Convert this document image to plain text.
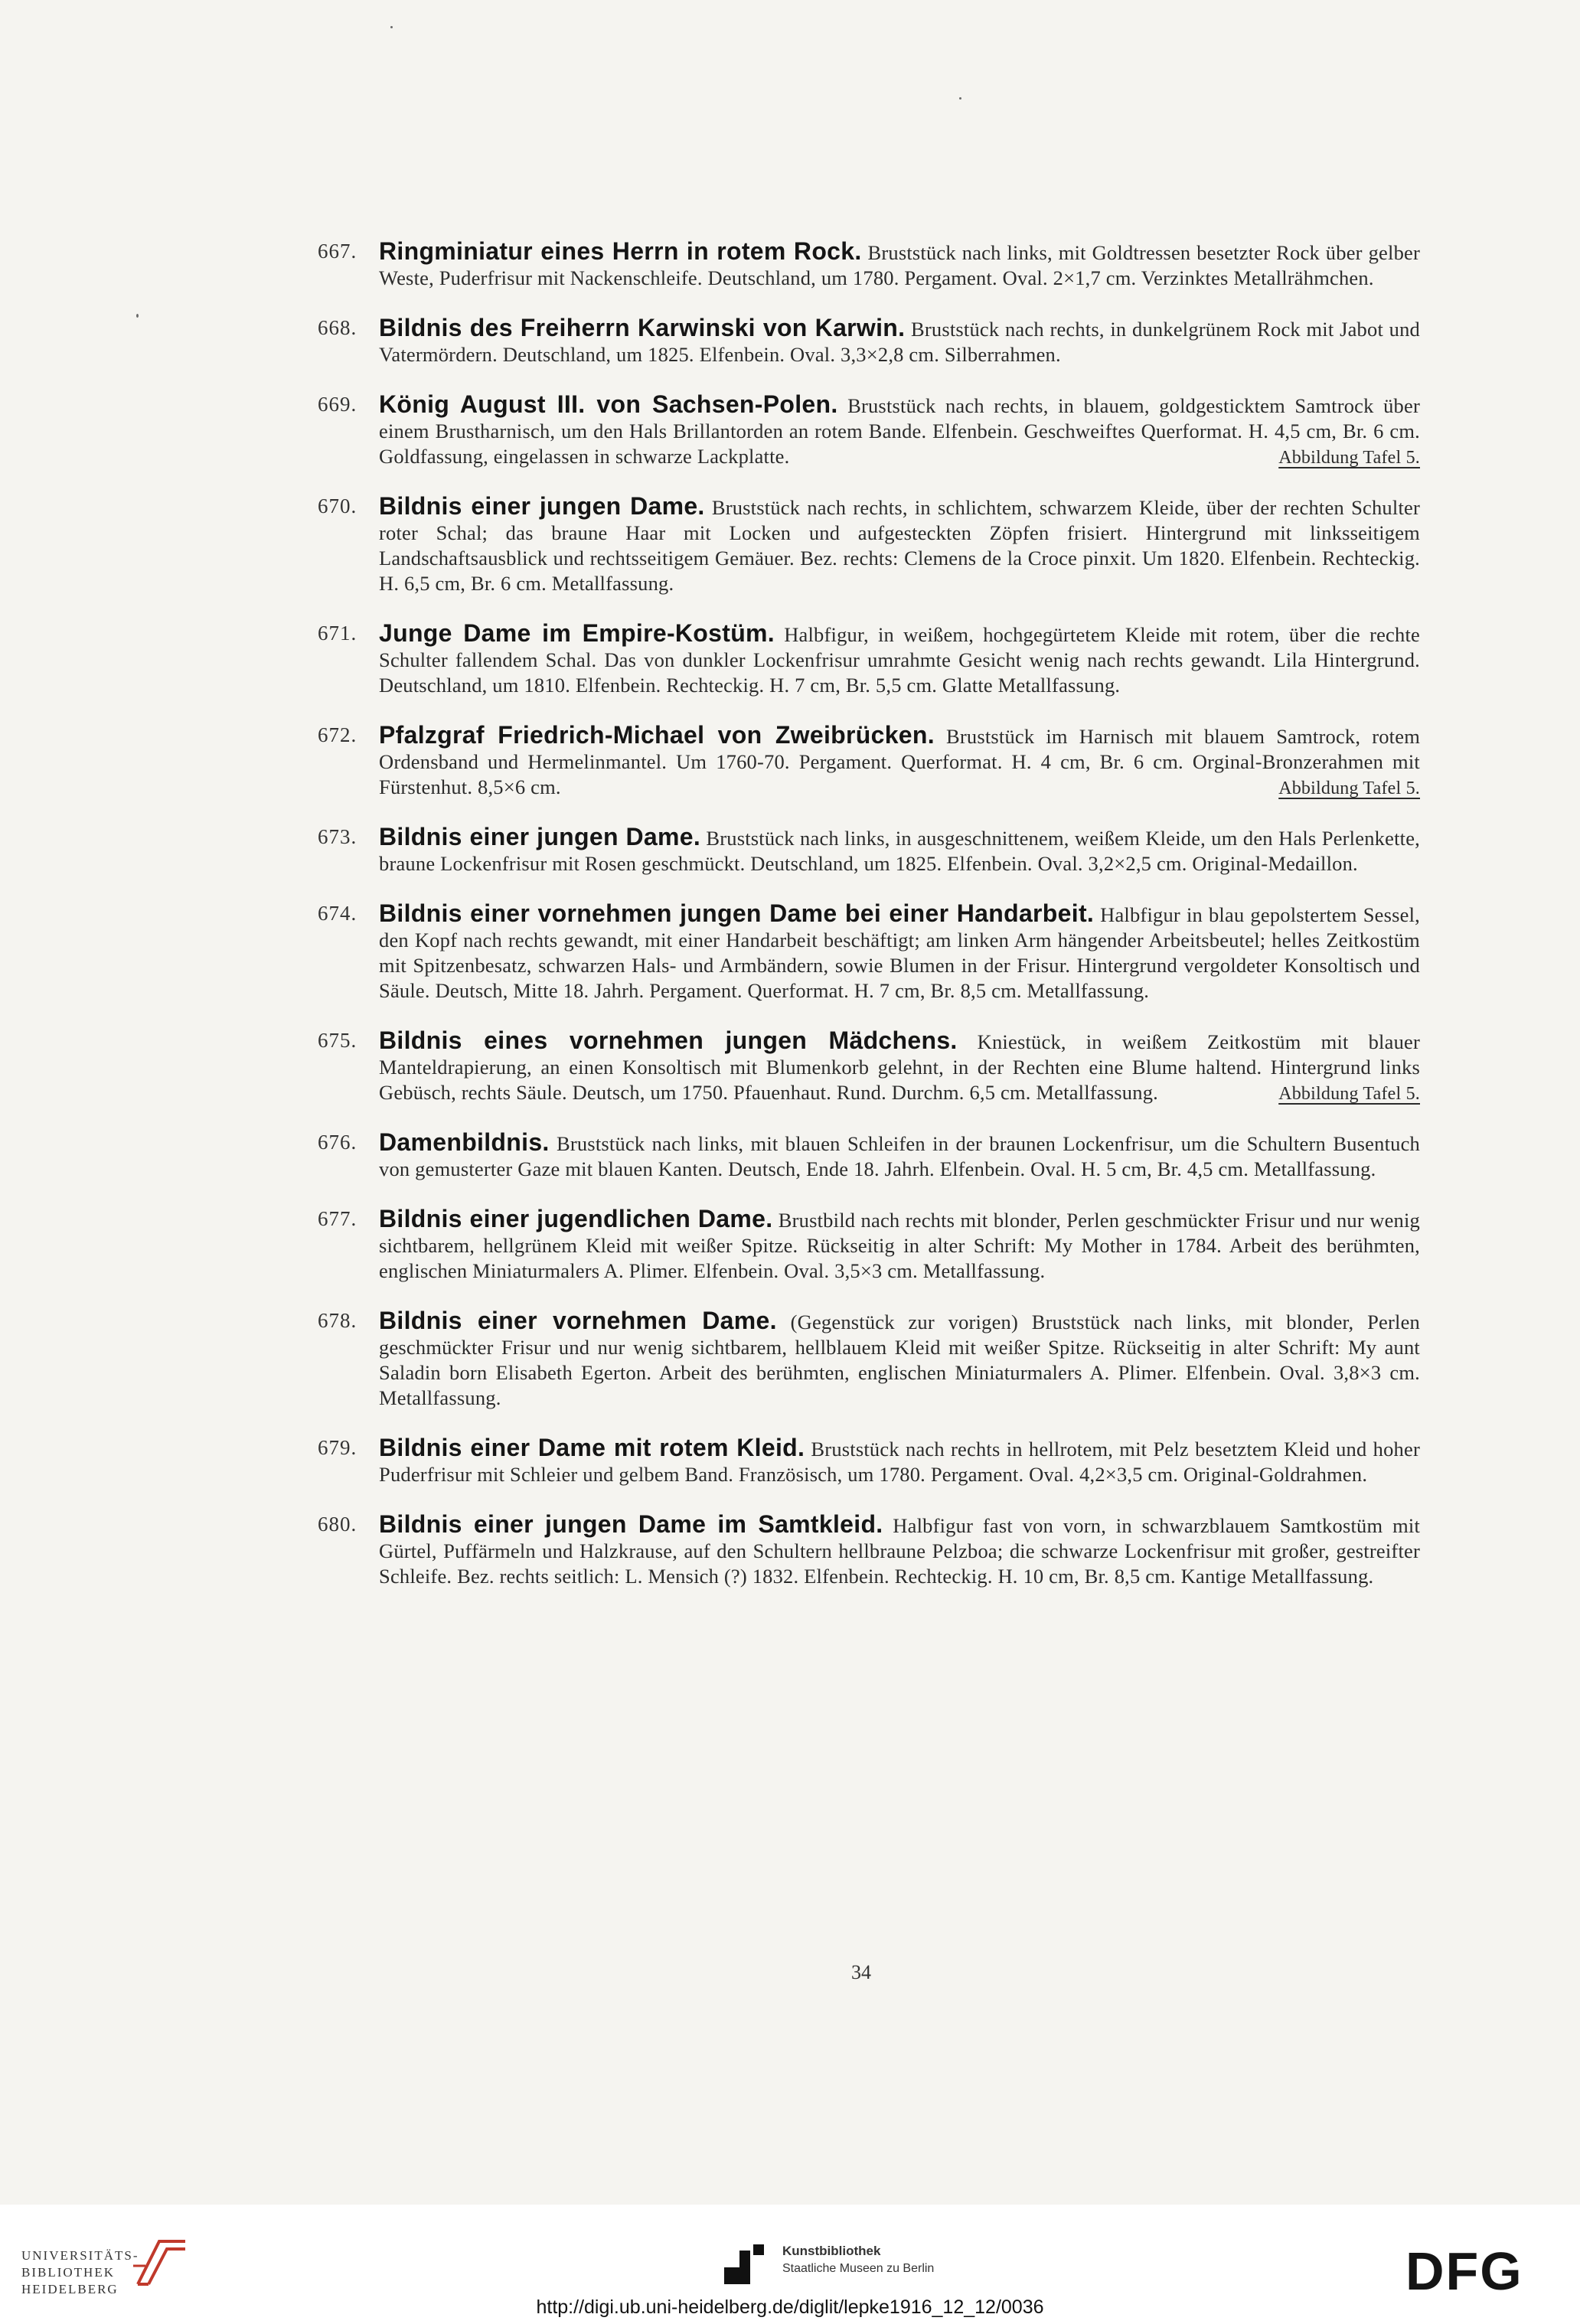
667. Ringminiatur eines Herrn in rotem Rock. Bruststück nach links, mit Goldtressen besetzter Rock über gelber Weste, Puderfrisur mit Nackenschleife. Deutschland, um 1780. Pergament. Oval. 2×1,7 cm. Verzinktes Metallrähmchen.
668. Bildnis des Freiherrn Karwinski von Karwin. Bruststück nach rechts, in dunkelgrünem Rock mit Jabot und Vatermördern. Deutschland, um 1825. Elfenbein. Oval. 3,3×2,8 cm. Silberrahmen.
669. König August III. von Sachsen-Polen. Bruststück nach rechts, in blauem, goldgesticktem Samtrock über einem Brustharnisch, um den Hals Brillantorden an rotem Bande. Elfenbein. Geschweiftes Querformat. H. 4,5 cm, Br. 6 cm. Goldfassung, eingelassen in schwarze Lackplatte.	Abbildung Tafel 5.
670. Bildnis einer jungen Dame. Bruststück nach rechts, in schlichtem, schwarzem Kleide, über der rechten Schulter roter Schal; das braune Haar mit Locken und aufgesteckten Zöpfen frisiert. Hintergrund mit linksseitigem Landschaftsausblick und rechtsseitigem Gemäuer. Bez. rechts: Clemens de la Croce pinxit. Um 1820. Elfenbein. Rechteckig. H. 6,5 cm, Br. 6 cm. Metallfassung.
671. Junge Dame im Empire-Kostüm. Halbfigur, in weißem, hochgegürtetem Kleide mit rotem, über die rechte Schulter fallendem Schal. Das von dunkler Lockenfrisur umrahmte Gesicht wenig nach rechts gewandt. Lila Hintergrund. Deutschland, um 1810. Elfenbein. Rechteckig. H. 7 cm, Br. 5,5 cm. Glatte Metallfassung.
672. Pfalzgraf Friedrich-Michael von Zweibrücken. Bruststück im Harnisch mit blauem Samtrock, rotem Ordensband und Hermelinmantel. Um 1760-70. Pergament. Querformat. H. 4 cm, Br. 6 cm. Orginal-Bronzerahmen mit Fürstenhut. 8,5×6 cm.	Abbildung Tafel 5.
673. Bildnis einer jungen Dame. Bruststück nach links, in ausgeschnittenem, weißem Kleide, um den Hals Perlenkette, braune Lockenfrisur mit Rosen geschmückt. Deutschland, um 1825. Elfenbein. Oval. 3,2×2,5 cm. Original-Medaillon.
674. Bildnis einer vornehmen jungen Dame bei einer Handarbeit. Halbfigur in blau gepolstertem Sessel, den Kopf nach rechts gewandt, mit einer Handarbeit beschäftigt; am linken Arm hängender Arbeitsbeutel; helles Zeitkostüm mit Spitzenbesatz, schwarzen Hals- und Armbändern, sowie Blumen in der Frisur. Hintergrund vergoldeter Konsoltisch und Säule. Deutsch, Mitte 18. Jahrh. Pergament. Querformat. H. 7 cm, Br. 8,5 cm. Metallfassung.
675. Bildnis eines vornehmen jungen Mädchens. Kniestück, in weißem Zeitkostüm mit blauer Manteldrapierung, an einen Konsoltisch mit Blumenkorb gelehnt, in der Rechten eine Blume haltend. Hintergrund links Gebüsch, rechts Säule. Deutsch, um 1750. Pfauenhaut. Rund. Durchm. 6,5 cm. Metallfassung.	Abbildung Tafel 5.
676. Damenbildnis. Bruststück nach links, mit blauen Schleifen in der braunen Lockenfrisur, um die Schultern Busentuch von gemusterter Gaze mit blauen Kanten. Deutsch, Ende 18. Jahrh. Elfenbein. Oval. H. 5 cm, Br. 4,5 cm. Metallfassung.
677. Bildnis einer jugendlichen Dame. Brustbild nach rechts mit blonder, Perlen geschmückter Frisur und nur wenig sichtbarem, hellgrünem Kleid mit weißer Spitze. Rückseitig in alter Schrift: My Mother in 1784. Arbeit des berühmten, englischen Miniaturmalers A. Plimer. Elfenbein. Oval. 3,5×3 cm. Metallfassung.
678. Bildnis einer vornehmen Dame. (Gegenstück zur vorigen) Bruststück nach links, mit blonder, Perlen geschmückter Frisur und nur wenig sichtbarem, hellblauem Kleid mit weißer Spitze. Rückseitig in alter Schrift: My aunt Saladin born Elisabeth Egerton. Arbeit des berühmten, englischen Miniaturmalers A. Plimer. Elfenbein. Oval. 3,8×3 cm. Metallfassung.
679. Bildnis einer Dame mit rotem Kleid. Bruststück nach rechts in hellrotem, mit Pelz besetztem Kleid und hoher Puderfrisur mit Schleier und gelbem Band. Französisch, um 1780. Pergament. Oval. 4,2×3,5 cm. Original-Goldrahmen.
680. Bildnis einer jungen Dame im Samtkleid. Halbfigur fast von vorn, in schwarzblauem Samtkostüm mit Gürtel, Puffärmeln und Halzkrause, auf den Schultern hellbraune Pelzboa; die schwarze Lockenfrisur mit großer, gestreifter Schleife. Bez. rechts seitlich: L. Mensich (?) 1832. Elfenbein. Rechteckig. H. 10 cm, Br. 8,5 cm. Kantige Metallfassung.
34
UNIVERSITÄTS-
BIBLIOTHEK
HEIDELBERG
Kunstbibliothek
Staatliche Museen zu Berlin	DFG
http://digi.ub.uni-heidelberg.de/diglit/lepke1916_12_12/0036
